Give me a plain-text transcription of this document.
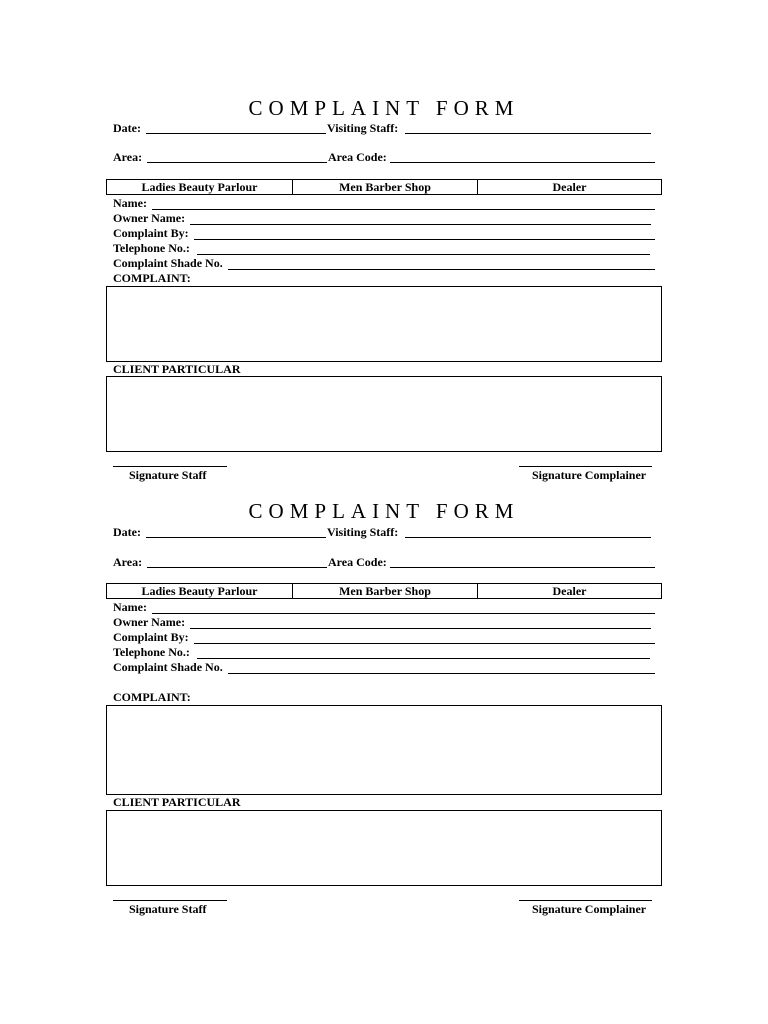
COMPLAINT FORM
Date:	Visiting Staff:
Area:	Area Code:
Ladies Beauty Parlour	Men Barber Shop	Dealer
Name:
Owner Name:
Complaint By:
Telephone No.:
Complaint Shade No.
COMPLAINT:
CLIENT PARTICULAR
Signature Staff	Signature Complainer
COMPLAINT FORM
Date:	Visiting Staff:
Area:	Area Code:
Ladies Beauty Parlour	Men Barber Shop	Dealer
Name:
Owner Name:
Complaint By:
Telephone No.:
Complaint Shade No.
COMPLAINT:
CLIENT PARTICULAR
Signature Staff	Signature Complainer
